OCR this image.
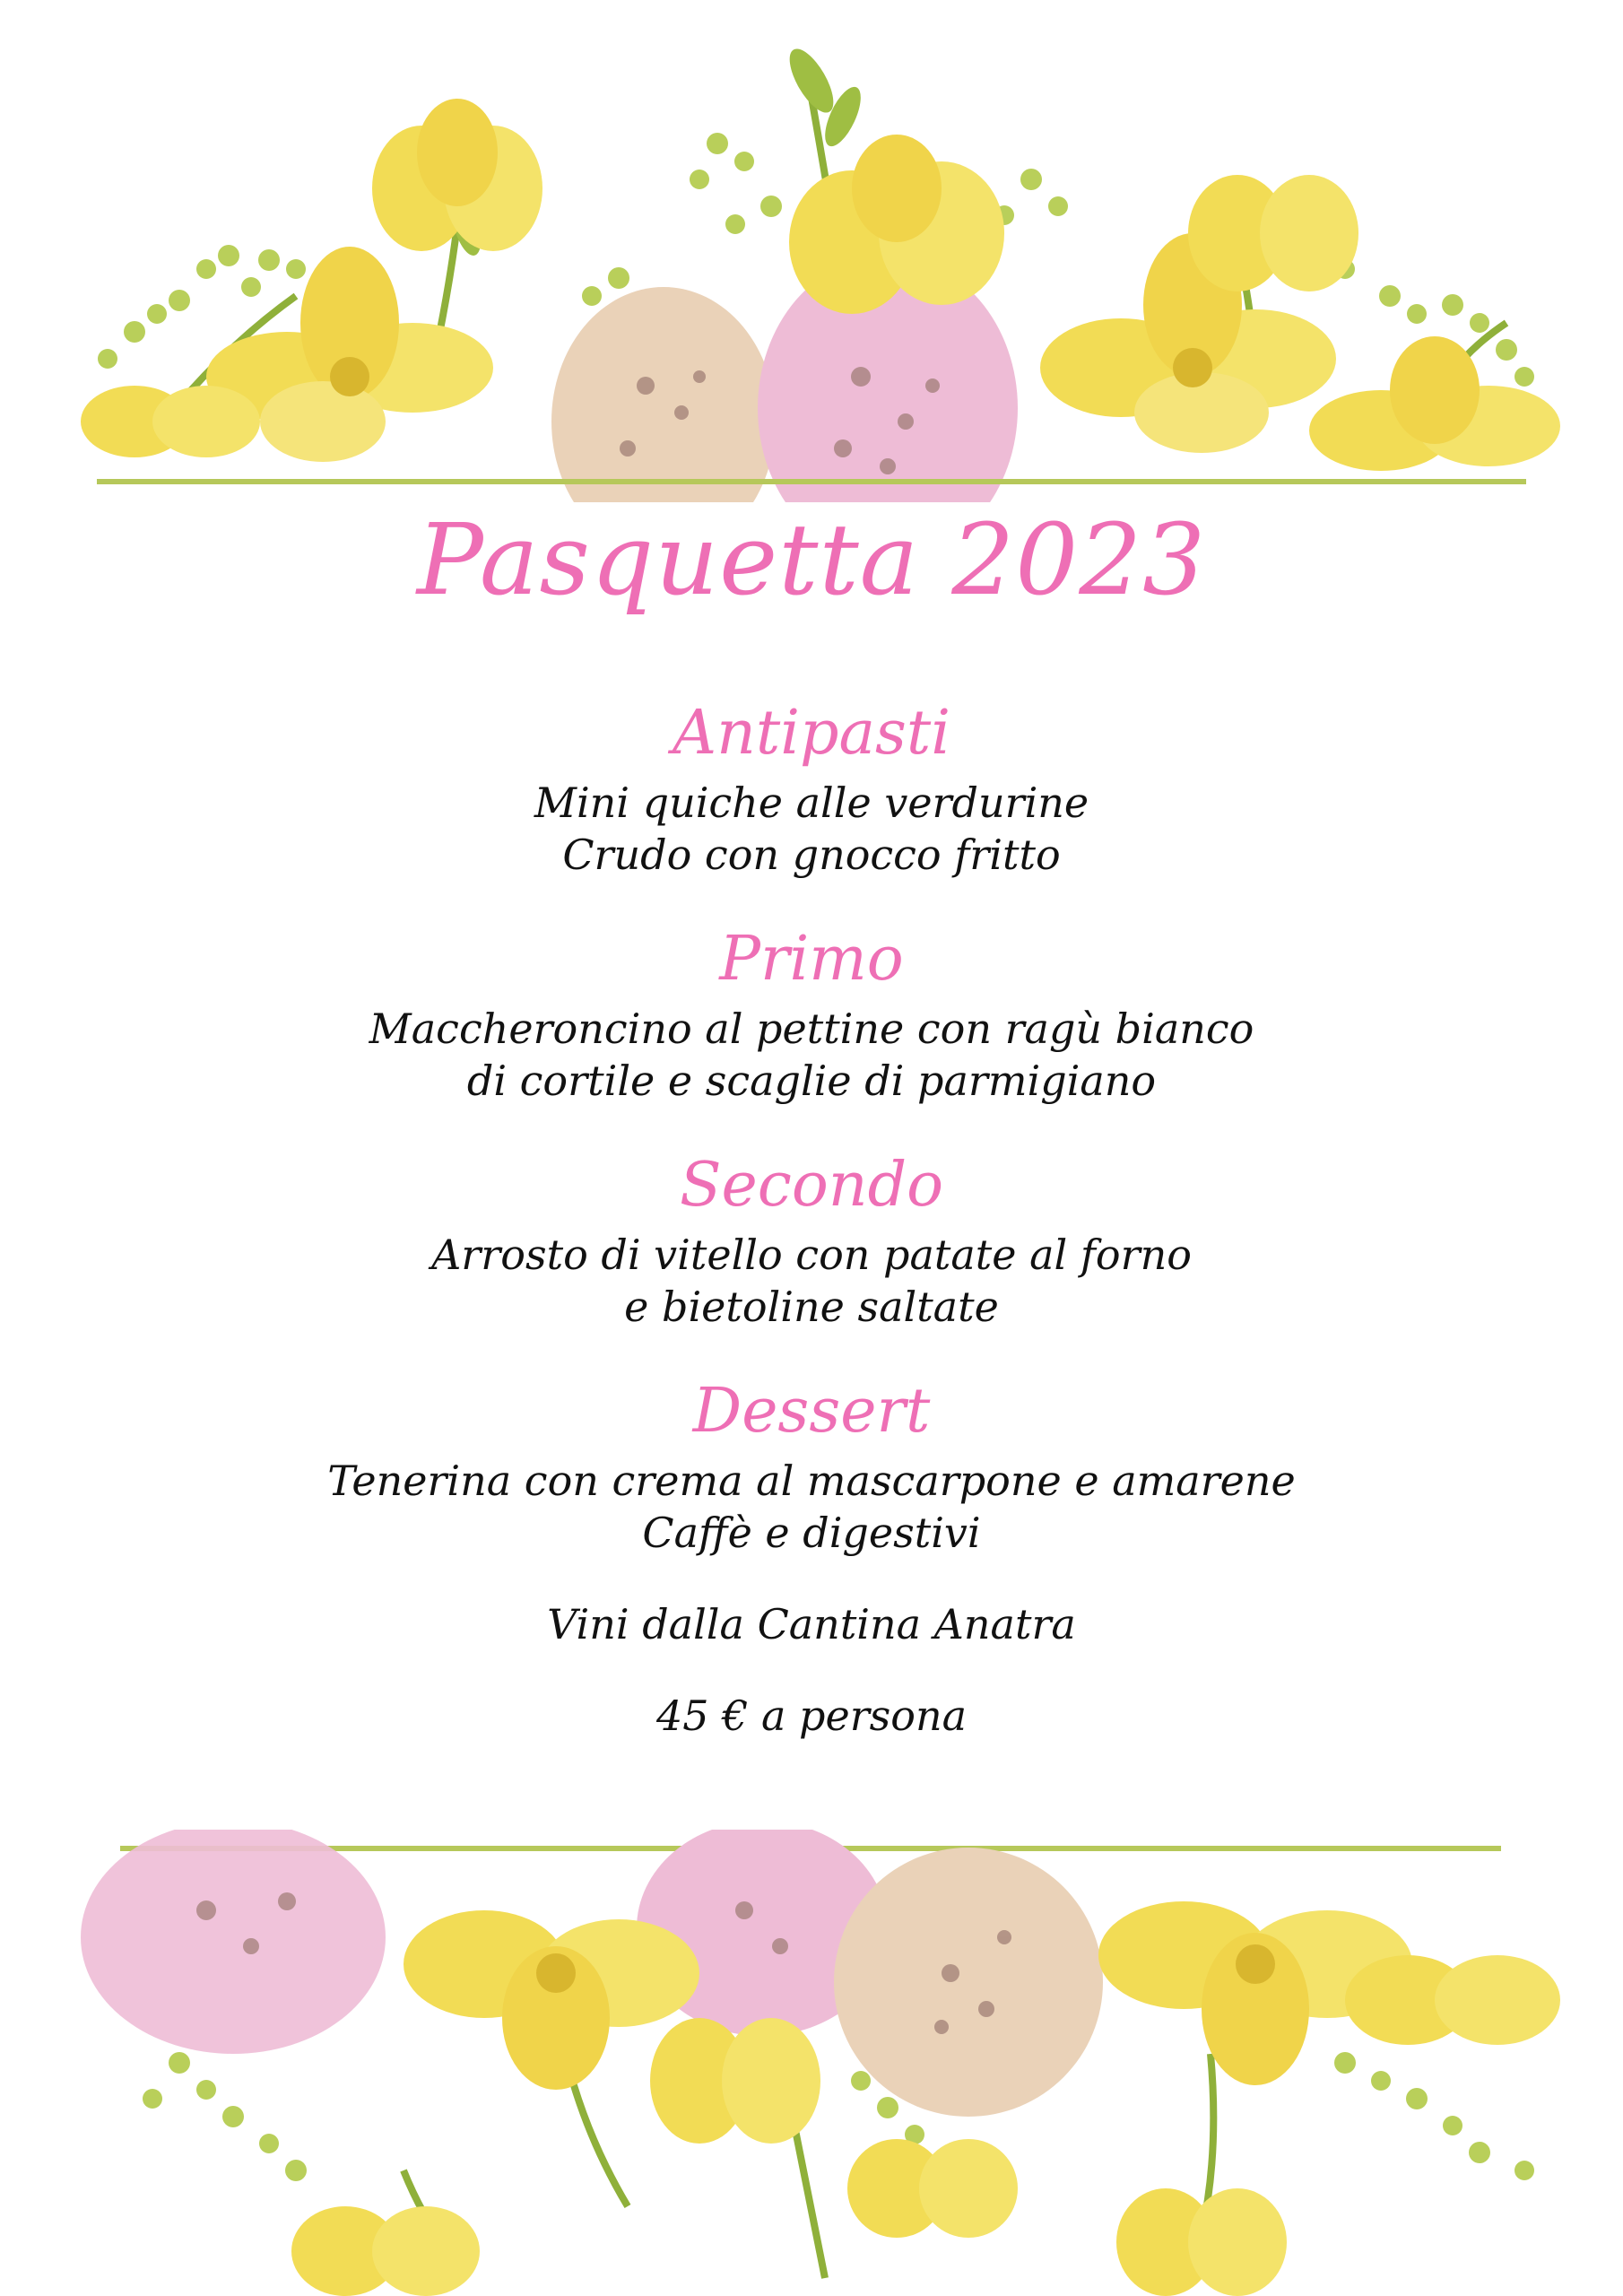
Pasquetta 2023
Antipasti
Mini quiche alle verdurine
Crudo con gnocco fritto
Primo
Maccheroncino al pettine con ragù bianco
di cortile e scaglie di parmigiano
Secondo
Arrosto di vitello con patate al forno
e bietoline saltate
Dessert
Tenerina con crema al mascarpone e amarene
Caffè e digestivi
Vini dalla Cantina Anatra
45 € a persona
